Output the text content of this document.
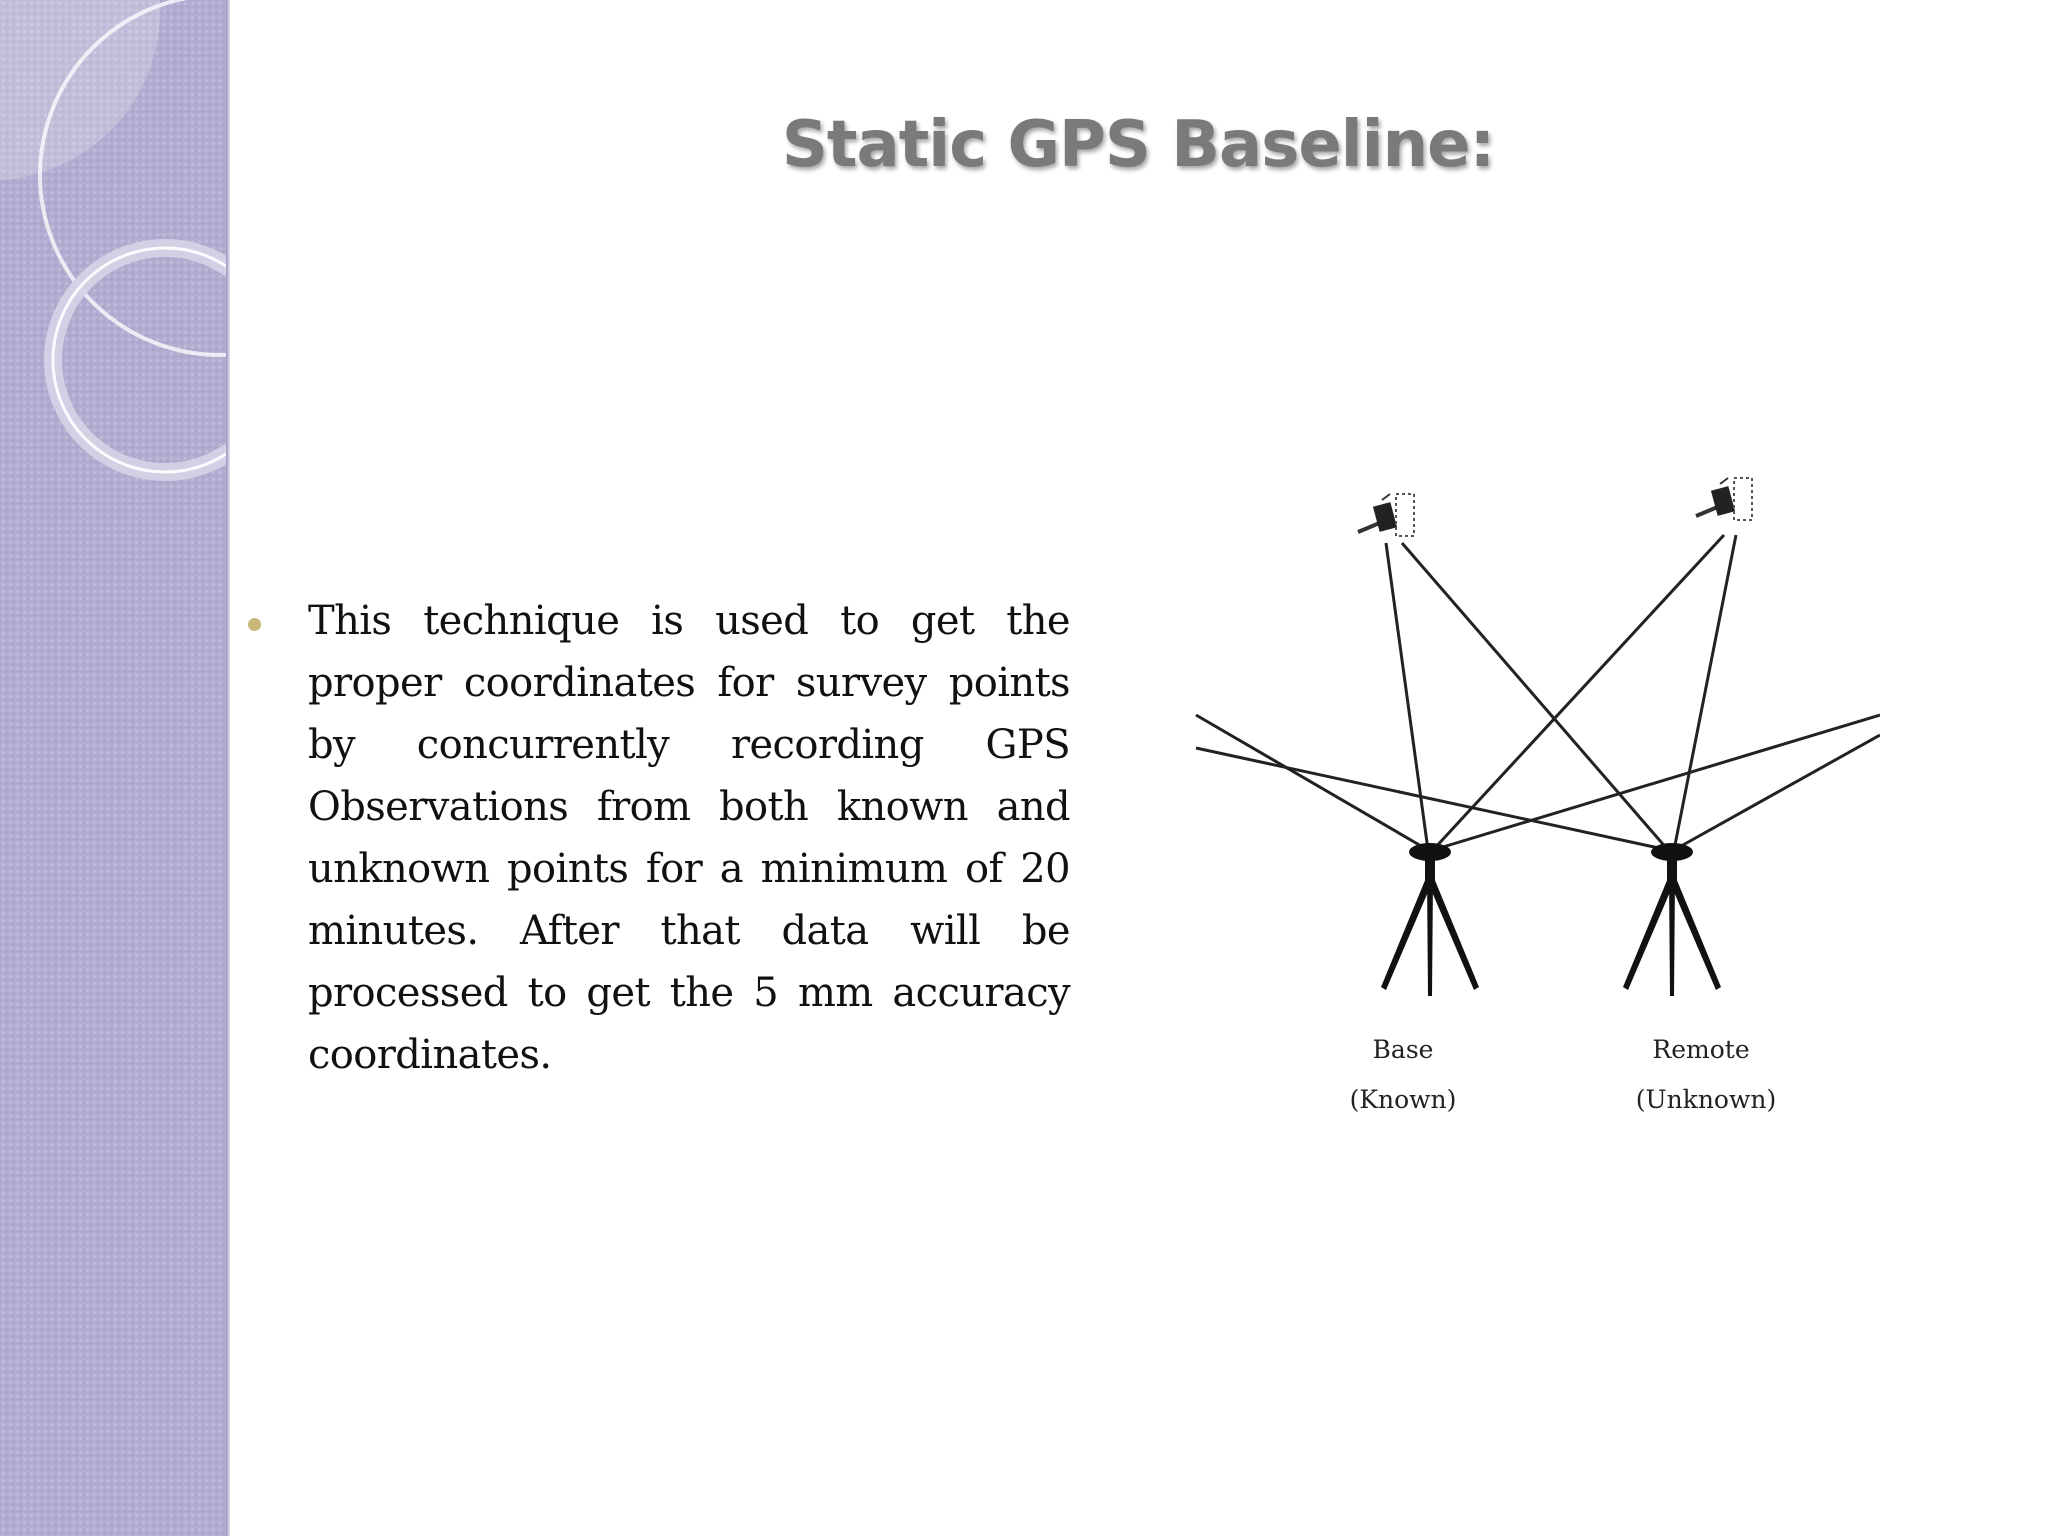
Static GPS Baseline:
This technique is used to get the proper coordinates for survey points by concurrently recording GPS Observations from both known and unknown points for a minimum of 20 minutes. After that data will be processed to get the 5 mm accuracy coordinates.	Base
(Known)
Remote
(Unknown)
